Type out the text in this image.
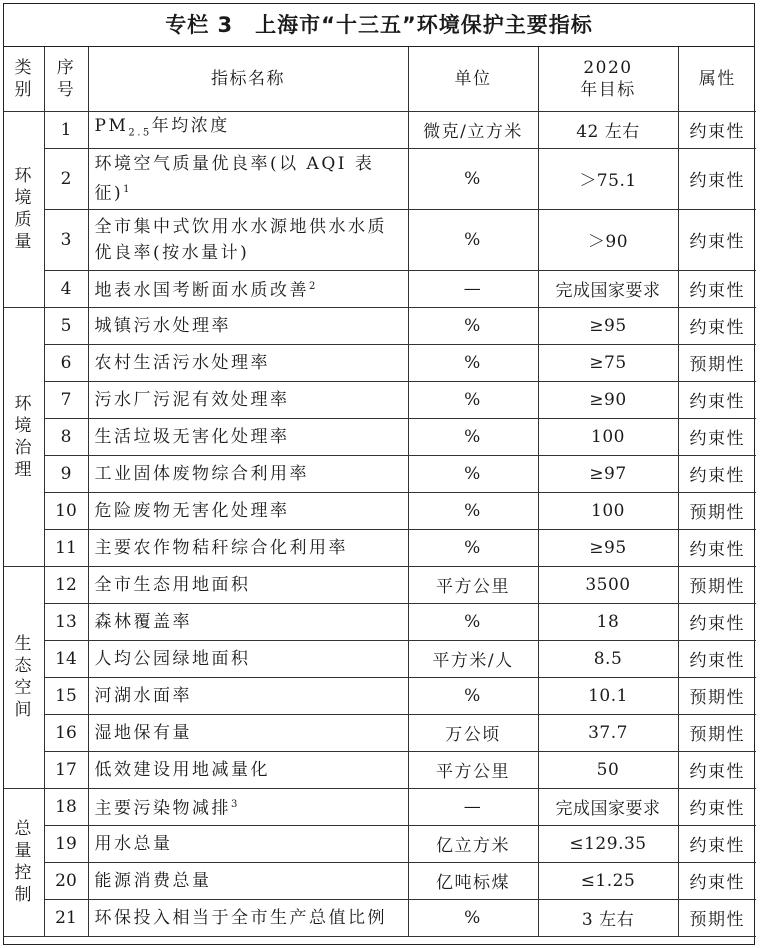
专栏 3　上海市“十三五”环境保护主要指标
类别	序号	指标名称	单位	2020 年目标	属性
环境质量	1	$PM_{2.5}$年均浓度	微克/立方米	42 左右	约束性
	2	环境空气质量优良率(以 AQI 表征)$^1$	%	＞75.1	约束性
	3	全市集中式饮用水水源地供水水质优良率(按水量计)	%	＞90	约束性
	4	地表水国考断面水质改善$^2$	—	完成国家要求	约束性
环境治理	5	城镇污水处理率	%	≥95	约束性
	6	农村生活污水处理率	%	≥75	预期性
	7	污水厂污泥有效处理率	%	≥90	约束性
	8	生活垃圾无害化处理率	%	100	约束性
	9	工业固体废物综合利用率	%	≥97	约束性
	10	危险废物无害化处理率	%	100	预期性
	11	主要农作物秸秆综合化利用率	%	≥95	约束性
生态空间	12	全市生态用地面积	平方公里	3500	预期性
	13	森林覆盖率	%	18	约束性
	14	人均公园绿地面积	平方米/人	8.5	约束性
	15	河湖水面率	%	10.1	预期性
	16	湿地保有量	万公顷	37.7	预期性
	17	低效建设用地减量化	平方公里	50	约束性
总量控制	18	主要污染物减排$^3$	—	完成国家要求	约束性
	19	用水总量	亿立方米	≤129.35	约束性
	20	能源消费总量	亿吨标煤	≤1.25	约束性
	21	环保投入相当于全市生产总值比例	%	3 左右	预期性
